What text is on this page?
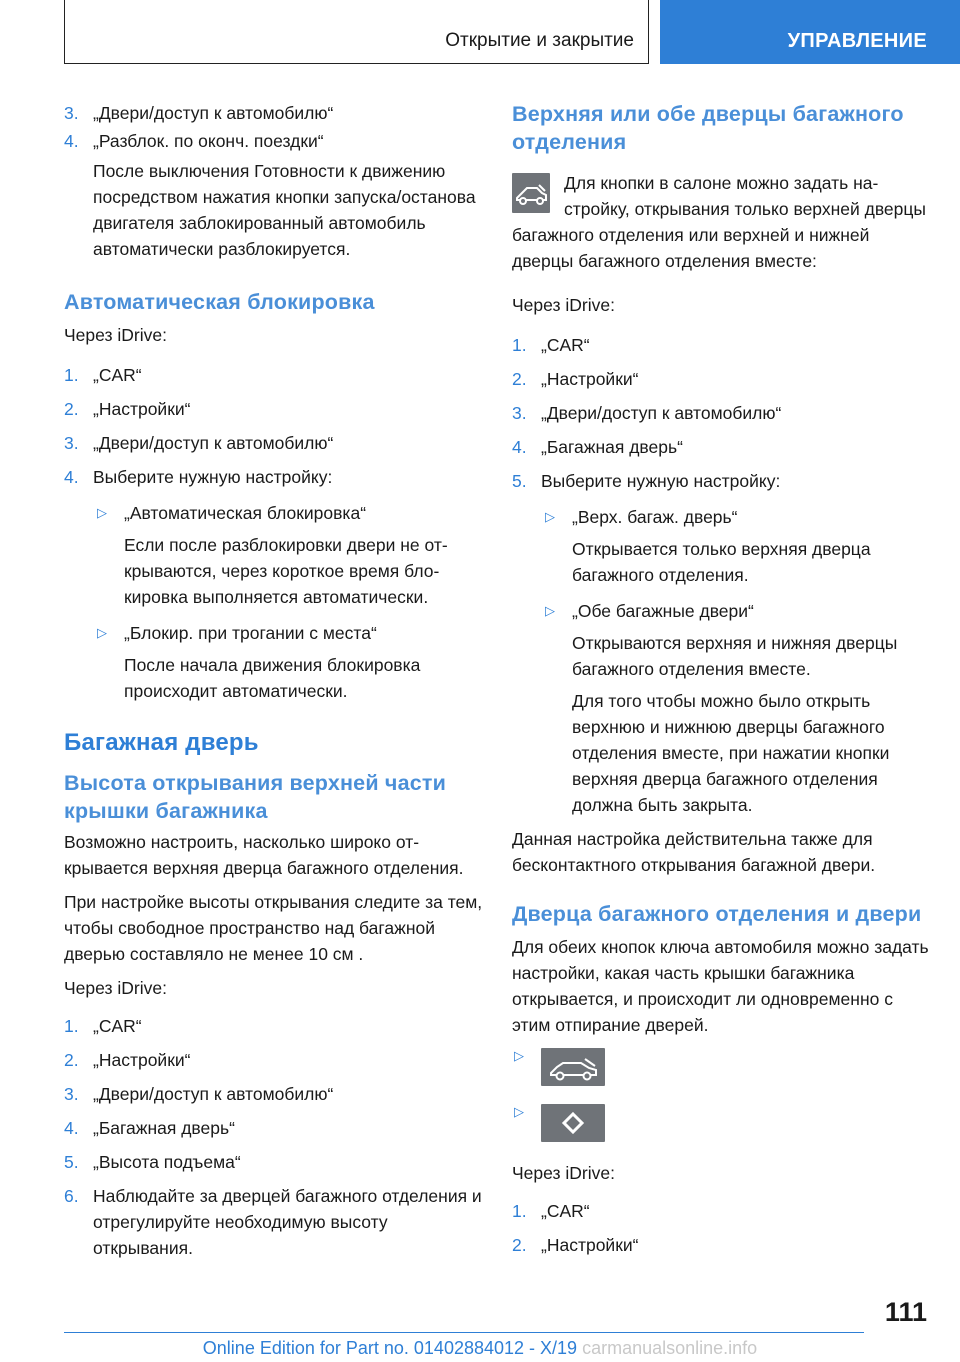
Открытие и закрытие	УПРАВЛЕНИЕ
3. „Двери/доступ к автомобилю“
4. „Разблок. по оконч. поездки“
После выключения Готовности к движению посредством нажатия кнопки запуска/останова двигателя заблокированный автомобиль автоматически разблокируется.
Автоматическая блокировка
Через iDrive:
1. „CAR“
2. „Настройки“
3. „Двери/доступ к автомобилю“
4. Выберите нужную настройку:
▷ „Автоматическая блокировка“
Если после разблокировки двери не открываются, через короткое время блокировка выполняется автоматически.
▷ „Блокир. при трогании с места“
После начала движения блокировка происходит автоматически.
Багажная дверь
Высота открывания верхней части крышки багажника
Возможно настроить, насколько широко открывается верхняя дверца багажного отделения.
При настройке высоты открывания следите за тем, чтобы свободное пространство над багажной дверью составляло не менее 10 см .
Через iDrive:
1. „CAR“
2. „Настройки“
3. „Двери/доступ к автомобилю“
4. „Багажная дверь“
5. „Высота подъема“
6. Наблюдайте за дверцей багажного отделения и отрегулируйте необходимую высоту открывания.
Верхняя или обе дверцы багажного отделения
Для кнопки в салоне можно задать настройку, открывания только верхней дверцы багажного отделения или верхней и нижней дверцы багажного отделения вместе:
Через iDrive:
1. „CAR“
2. „Настройки“
3. „Двери/доступ к автомобилю“
4. „Багажная дверь“
5. Выберите нужную настройку:
▷ „Верх. багаж. дверь“
Открывается только верхняя дверца багажного отделения.
▷ „Обе багажные двери“
Открываются верхняя и нижняя дверцы багажного отделения вместе.
Для того чтобы можно было открыть верхнюю и нижнюю дверцы багажного отделения вместе, при нажатии кнопки верхняя дверца багажного отделения должна быть закрыта.
Данная настройка действительна также для бесконтактного открывания багажной двери.
Дверца багажного отделения и двери
Для обеих кнопок ключа автомобиля можно задать настройки, какая часть крышки багажника открывается, и происходит ли одновременно с этим отпирание дверей.
▷
▷
Через iDrive:
1. „CAR“
2. „Настройки“
111
Online Edition for Part no. 01402884012 - X/19 carmanualsonline.info
